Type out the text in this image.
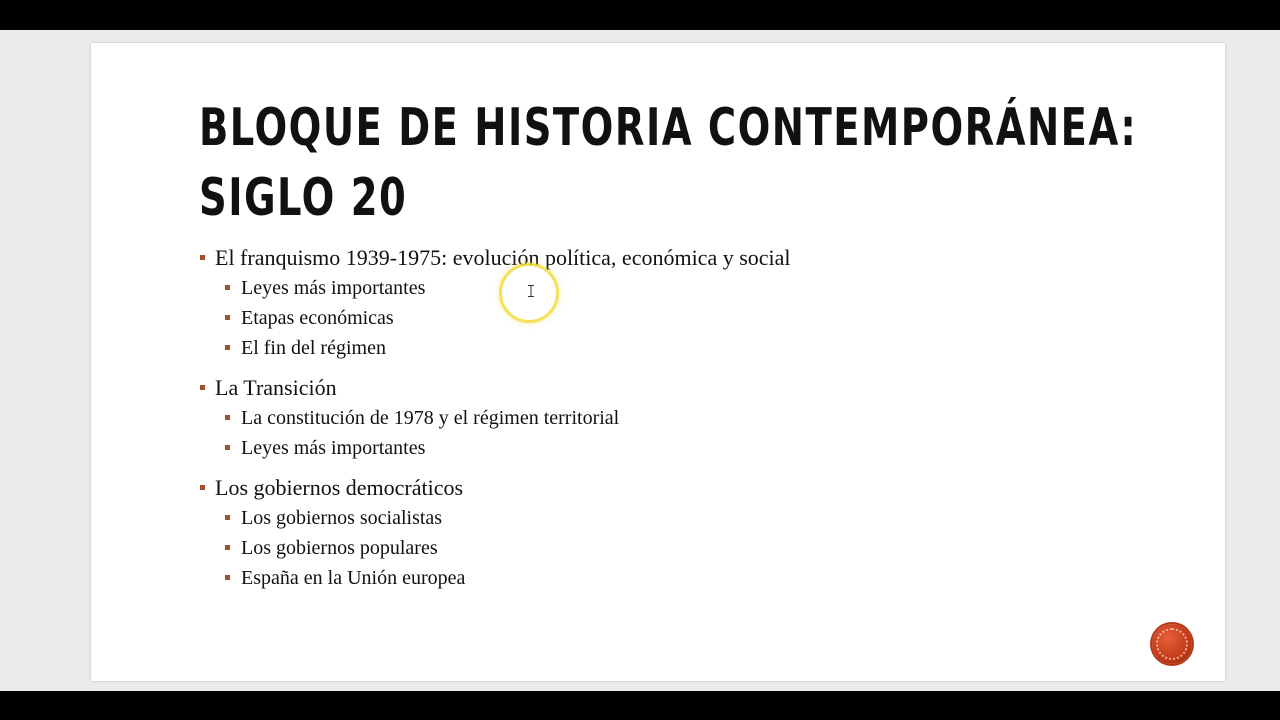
BLOQUE DE HISTORIA CONTEMPORÁNEA:
SIGLO 20
El franquismo 1939-1975: evolución política, económica y social
Leyes más importantes
Etapas económicas
El fin del régimen
La Transición
La constitución de 1978 y el régimen territorial
Leyes más importantes
Los gobiernos democráticos
Los gobiernos socialistas
Los gobiernos populares
España en la Unión europea
